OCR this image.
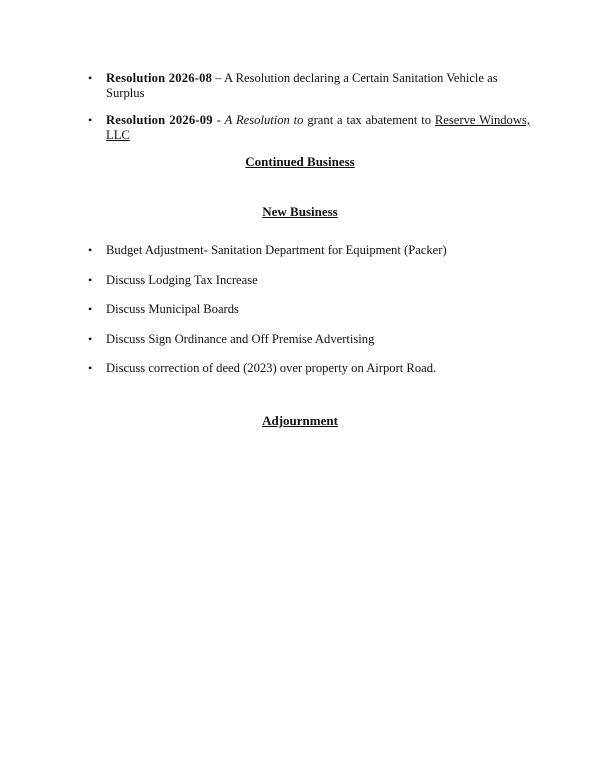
• Resolution 2026-08 – A Resolution declaring a Certain Sanitation Vehicle as Surplus
• Resolution 2026-09 - A Resolution to grant a tax abatement to Reserve Windows, LLC
Continued Business
New Business
• Budget Adjustment- Sanitation Department for Equipment (Packer)
• Discuss Lodging Tax Increase
• Discuss Municipal Boards
• Discuss Sign Ordinance and Off Premise Advertising
• Discuss correction of deed (2023) over property on Airport Road.
Adjournment
